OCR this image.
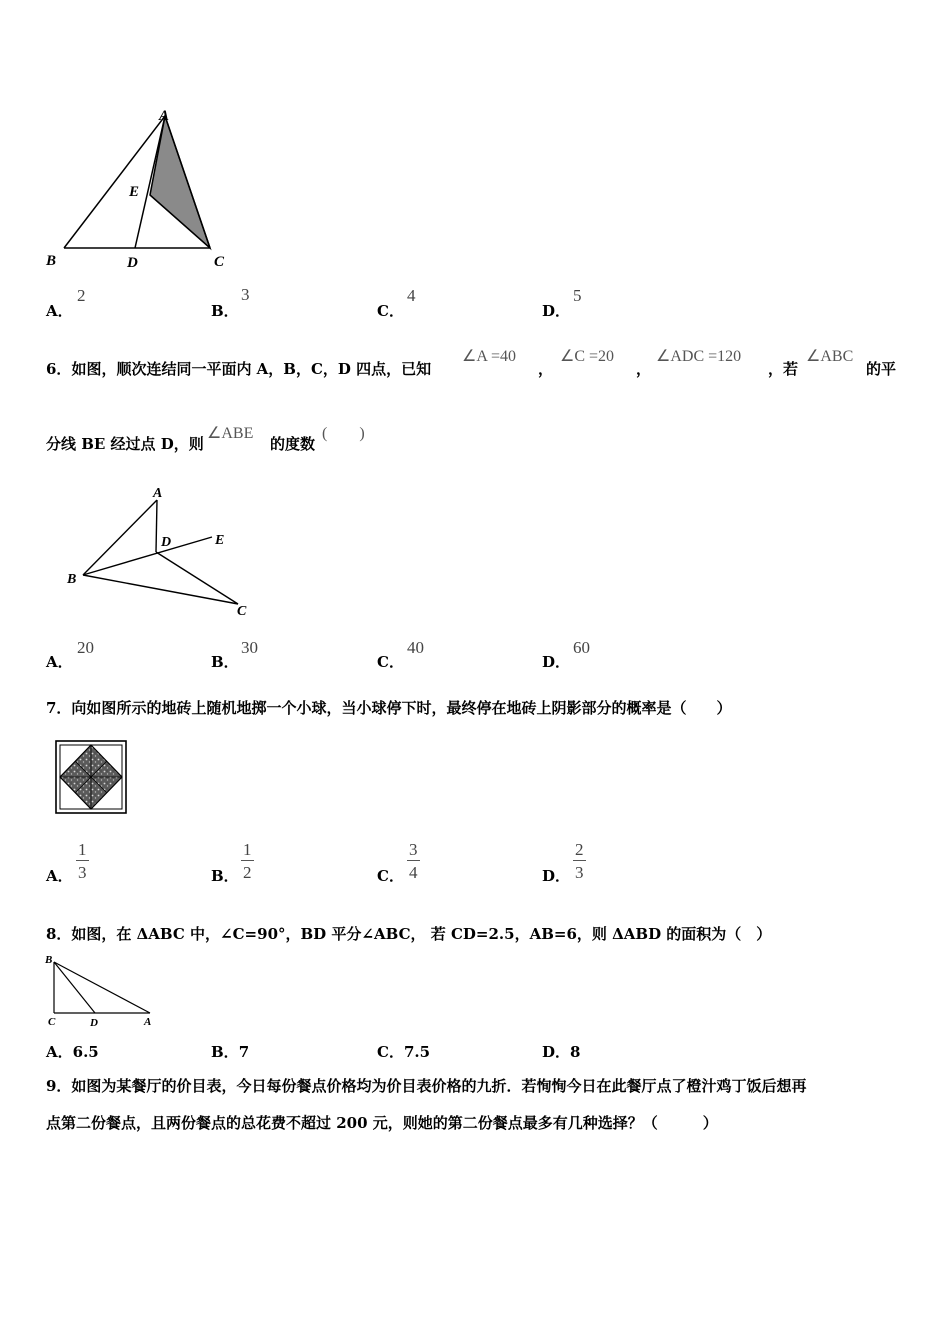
A
E
B	D	C
A．
2
B．
3
C．
4
D．
5
6．如图，顺次连结同一平面内 A，B，C，D 四点，已知
∠A =40
，
∠C =20
，
∠ADC =120
，若
∠ABC
的平
分线 BE 经过点 D，则
∠ABE
的度数
(　　)
A
D	E
B
C
A．
20
B．
30
C．
40
D．
60
7．向如图所示的地砖上随机地掷一个小球，当小球停下时，最终停在地砖上阴影部分的概率是（　　）
A． $\frac{1}{3}$	B． $\frac{1}{2}$	C． $\frac{3}{4}$	D． $\frac{2}{3}$
8．如图，在 ΔABC 中，∠C=90°，BD 平分∠ABC， 若 CD=2.5，AB=6，则 ΔABD 的面积为（　）
B
C	D	A
A．6.5	B．7	C．7.5	D．8
9．如图为某餐厅的价目表，今日每份餐点价格均为价目表价格的九折．若恂恂今日在此餐厅点了橙汁鸡丁饭后想再
点第二份餐点，且两份餐点的总花费不超过 200 元，则她的第二份餐点最多有几种选择？（　　　）
